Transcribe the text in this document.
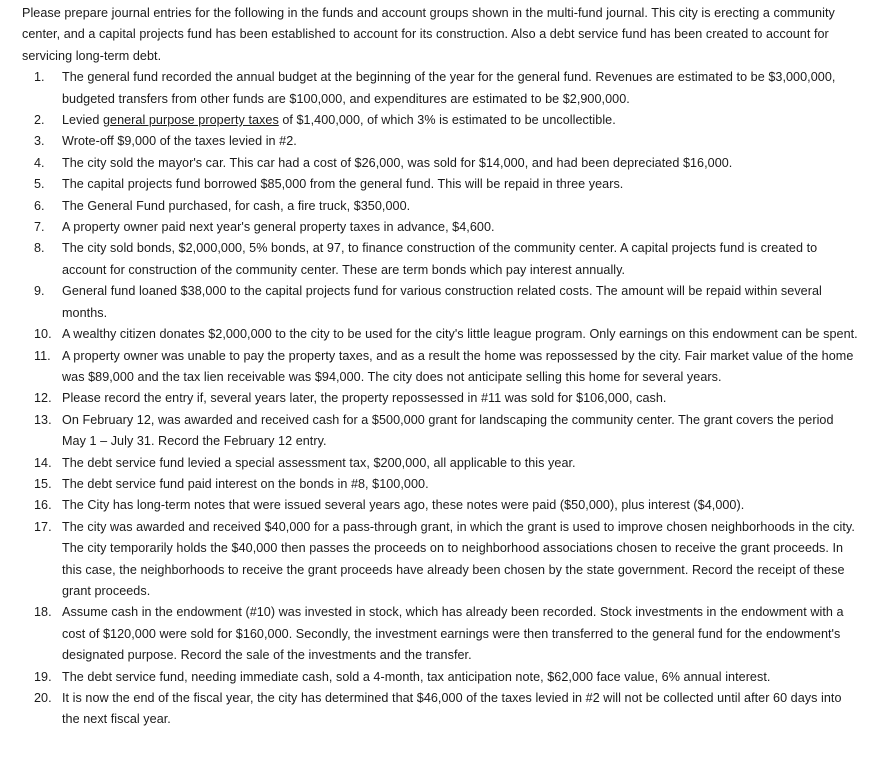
Please prepare journal entries for the following in the funds and account groups shown in the multi-fund journal. This city is erecting a community center, and a capital projects fund has been established to account for its construction. Also a debt service fund has been created to account for servicing long-term debt.

1.	The general fund recorded the annual budget at the beginning of the year for the general fund. Revenues are estimated to be $3,000,000, budgeted transfers from other funds are $100,000, and expenditures are estimated to be $2,900,000.
2.	Levied general purpose property taxes of $1,400,000, of which 3% is estimated to be uncollectible.
3.	Wrote-off $9,000 of the taxes levied in #2.
4.	The city sold the mayor's car. This car had a cost of $26,000, was sold for $14,000, and had been depreciated $16,000.
5.	The capital projects fund borrowed $85,000 from the general fund. This will be repaid in three years.
6.	The General Fund purchased, for cash, a fire truck, $350,000.
7.	A property owner paid next year's general property taxes in advance, $4,600.
8.	The city sold bonds, $2,000,000, 5% bonds, at 97, to finance construction of the community center. A capital projects fund is created to account for construction of the community center. These are term bonds which pay interest annually.
9.	General fund loaned $38,000 to the capital projects fund for various construction related costs. The amount will be repaid within several months.
10. A wealthy citizen donates $2,000,000 to the city to be used for the city's little league program. Only earnings on this endowment can be spent.
11. A property owner was unable to pay the property taxes, and as a result the home was repossessed by the city. Fair market value of the home was $89,000 and the tax lien receivable was $94,000. The city does not anticipate selling this home for several years.
12. Please record the entry if, several years later, the property repossessed in #11 was sold for $106,000, cash.
13. On February 12, was awarded and received cash for a $500,000 grant for landscaping the community center. The grant covers the period May 1 – July 31. Record the February 12 entry.
14. The debt service fund levied a special assessment tax, $200,000, all applicable to this year.
15. The debt service fund paid interest on the bonds in #8, $100,000.
16. The City has long-term notes that were issued several years ago, these notes were paid ($50,000), plus interest ($4,000).
17. The city was awarded and received $40,000 for a pass-through grant, in which the grant is used to improve chosen neighborhoods in the city. The city temporarily holds the $40,000 then passes the proceeds on to neighborhood associations chosen to receive the grant proceeds. In this case, the neighborhoods to receive the grant proceeds have already been chosen by the state government. Record the receipt of these grant proceeds.
18. Assume cash in the endowment (#10) was invested in stock, which has already been recorded. Stock investments in the endowment with a cost of $120,000 were sold for $160,000. Secondly, the investment earnings were then transferred to the general fund for the endowment's designated purpose. Record the sale of the investments and the transfer.
19. The debt service fund, needing immediate cash, sold a 4-month, tax anticipation note, $62,000 face value, 6% annual interest.
20. It is now the end of the fiscal year, the city has determined that $46,000 of the taxes levied in #2 will not be collected until after 60 days into the next fiscal year.
